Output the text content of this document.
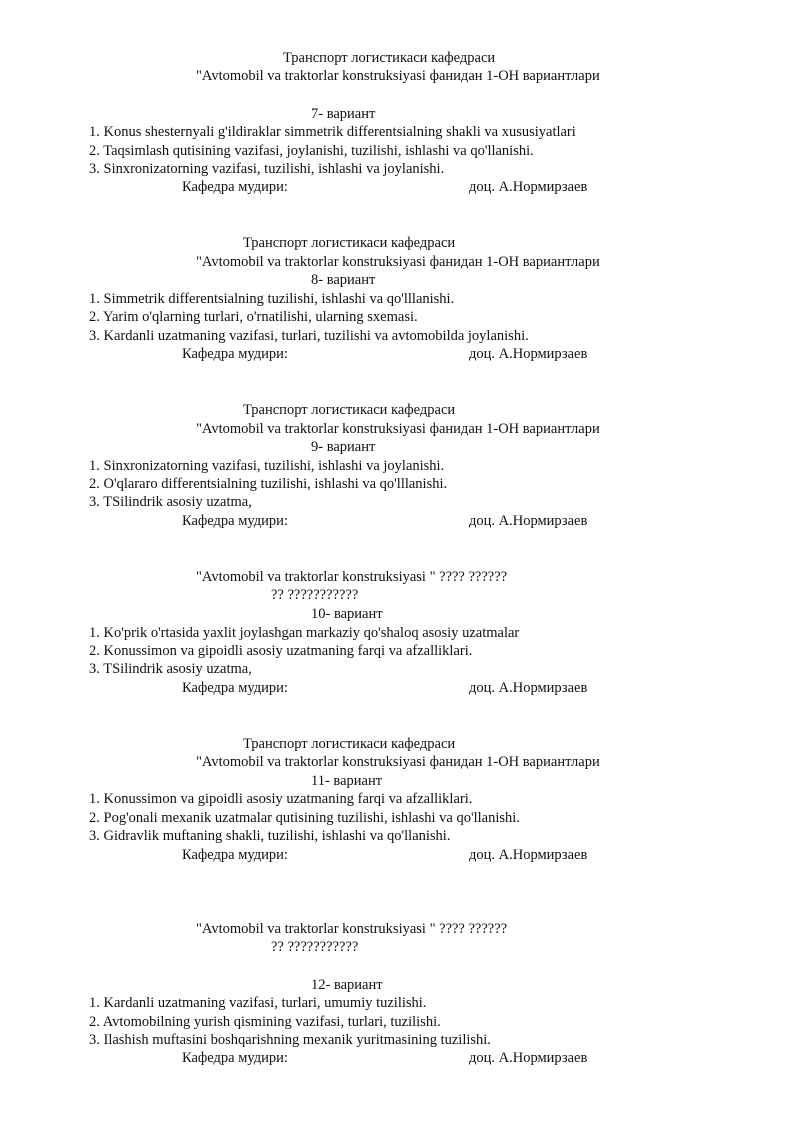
Транспорт логистикаси кафедраси
"Avtomobil va traktorlar konstruksiyasi фанидан 1-ОН вариантлари
7- вариант
1. Konus shesternyali g'ildiraklar simmetrik differentsialning shakli va xususiyatlari
2. Taqsimlash qutisining vazifasi, joylanishi, tuzilishi, ishlashi va qo'llanishi.
3. Sinxronizatorning vazifasi, tuzilishi, ishlashi va joylanishi.
Кафедра мудири:	доц. А.Нормирзаев
Транспорт логистикаси кафедраси
"Avtomobil va traktorlar konstruksiyasi фанидан 1-ОН вариантлари
8- вариант
1. Simmetrik differentsialning tuzilishi, ishlashi va qo'lllanishi.
2. Yarim o'qlarning turlari, o'rnatilishi, ularning sxemasi.
3. Kardanli uzatmaning vazifasi, turlari, tuzilishi va avtomobilda joylanishi.
Кафедра мудири:	доц. А.Нормирзаев
Транспорт логистикаси кафедраси
"Avtomobil va traktorlar konstruksiyasi фанидан 1-ОН вариантлари
9- вариант
1. Sinxronizatorning vazifasi, tuzilishi, ishlashi va joylanishi.
2. O'qlararo differentsialning tuzilishi, ishlashi va qo'lllanishi.
3. TSilindrik asosiy uzatma,
Кафедра мудири:	доц. А.Нормирзаев
"Avtomobil va traktorlar konstruksiyasi " ???? ??????
?? ???????????
10- вариант
1. Ko'prik o'rtasida yaxlit joylashgan markaziy qo'shaloq asosiy uzatmalar
2. Konussimon va gipoidli asosiy uzatmaning farqi va afzalliklari.
3. TSilindrik asosiy uzatma,
Кафедра мудири:	доц. А.Нормирзаев
Транспорт логистикаси кафедраси
"Avtomobil va traktorlar konstruksiyasi фанидан 1-ОН вариантлари
11- вариант
1. Konussimon va gipoidli asosiy uzatmaning farqi va afzalliklari.
2. Pog'onali mexanik uzatmalar qutisining tuzilishi, ishlashi va qo'llanishi.
3. Gidravlik muftaning shakli, tuzilishi, ishlashi va qo'llanishi.
Кафедра мудири:	доц. А.Нормирзаев
"Avtomobil va traktorlar konstruksiyasi " ???? ??????
?? ???????????
12- вариант
1. Kardanli uzatmaning vazifasi, turlari, umumiy tuzilishi.
2. Avtomobilning yurish qismining vazifasi, turlari, tuzilishi.
3. Ilashish muftasini boshqarishning mexanik yuritmasining tuzilishi.
Кафедра мудири:	доц. А.Нормирзаев
